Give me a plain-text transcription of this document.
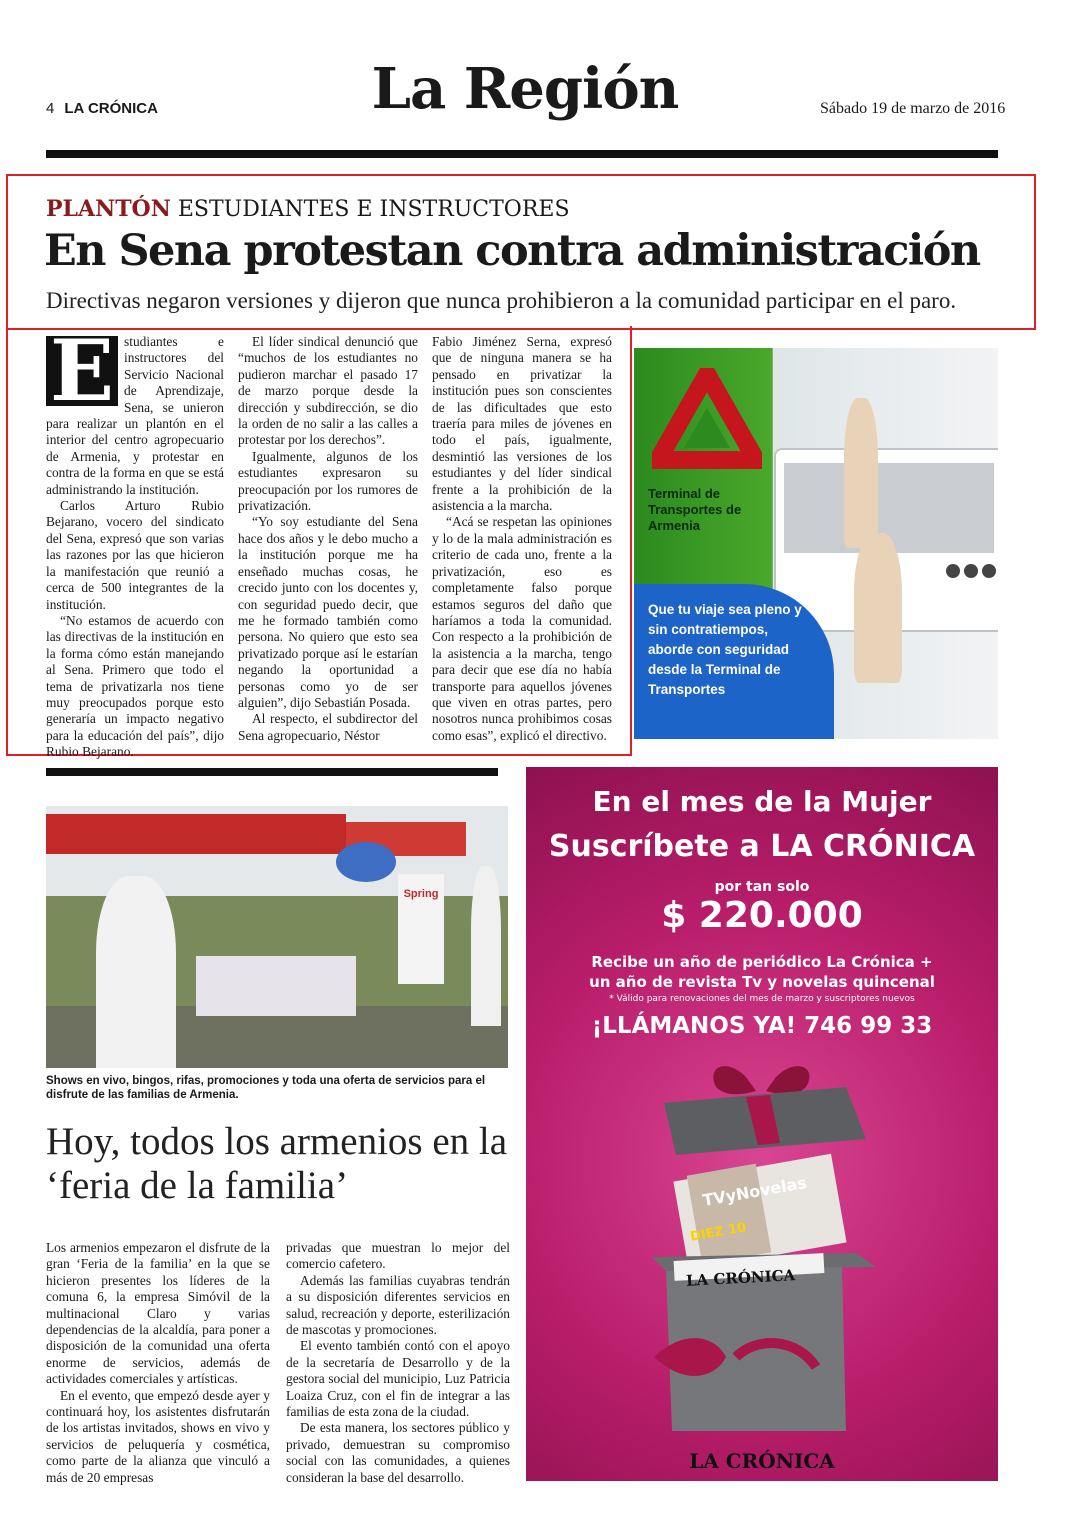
4 LA CRÓNICA	La Región	Sábado 19 de marzo de 2016
PLANTÓN ESTUDIANTES E INSTRUCTORES
En Sena protestan contra administración
Directivas negaron versiones y dijeron que nunca prohibieron a la comunidad participar en el paro.
E studiantes e instructores del Servicio Nacional de Aprendizaje, Sena, se unieron para realizar un plantón en el interior del centro agropecuario de Armenia, y protestar en contra de la forma en que se está administrando la institución.

Carlos Arturo Rubio Bejarano, vocero del sindicato del Sena, expresó que son varias las razones por las que hicieron la manifestación que reunió a cerca de 500 integrantes de la institución.

“No estamos de acuerdo con las directivas de la institución en la forma cómo están manejando al Sena. Primero que todo el tema de privatizarla nos tiene muy preocupados porque esto generaría un impacto negativo para la educación del país”, dijo Rubio Bejarano.

El líder sindical denunció que “muchos de los estudiantes no pudieron marchar el pasado 17 de marzo porque desde la dirección y subdirección, se dio la orden de no salir a las calles a protestar por los derechos”.

Igualmente, algunos de los estudiantes expresaron su preocupación por los rumores de privatización.

“Yo soy estudiante del Sena hace dos años y le debo mucho a la institución porque me ha enseñado muchas cosas, he crecido junto con los docentes y, con seguridad puedo decir, que me he formado también como persona. No quiero que esto sea privatizado porque así le estarían negando la oportunidad a personas como yo de ser alguien”, dijo Sebastián Posada.

Al respecto, el subdirector del Sena agropecuario, Néstor

Fabio Jiménez Serna, expresó que de ninguna manera se ha pensado en privatizar la institución pues son conscientes de las dificultades que esto traería para miles de jóvenes en todo el país, igualmente, desmintió las versiones de los estudiantes y del líder sindical frente a la prohibición de la asistencia a la marcha.

“Acá se respetan las opiniones y lo de la mala administración es criterio de cada uno, frente a la privatización, eso es completamente falso porque estamos seguros del daño que haríamos a toda la comunidad. Con respecto a la prohibición de la asistencia a la marcha, tengo para decir que ese día no había transporte para aquellos jóvenes que viven en otras partes, pero nosotros nunca prohibimos cosas como esas”, explicó el directivo.

Terminal de Transportes de Armenia
Que tu viaje sea pleno y sin contratiempos, aborde con seguridad desde la Terminal de Transportes
Spring
Shows en vivo, bingos, rifas, promociones y toda una oferta de servicios para el disfrute de las familias de Armenia.
Hoy, todos los armenios en la ‘feria de la familia’

Los armenios empezaron el disfrute de la gran ‘Feria de la familia’ en la que se hicieron presentes los líderes de la comuna 6, la empresa Simóvil de la multinacional Claro y varias dependencias de la alcaldía, para poner a disposición de la comunidad una oferta enorme de servicios, además de actividades comerciales y artísticas.

En el evento, que empezó desde ayer y continuará hoy, los asistentes disfrutarán de los artistas invitados, shows en vivo y servicios de peluquería y cosmética, como parte de la alianza que vinculó a más de 20 empresas

privadas que muestran lo mejor del comercio cafetero.

Además las familias cuyabras tendrán a su disposición diferentes servicios en salud, recreación y deporte, esterilización de mascotas y promociones.

El evento también contó con el apoyo de la secretaría de Desarrollo y de la gestora social del municipio, Luz Patricia Loaiza Cruz, con el fin de integrar a las familias de esta zona de la ciudad.

De esta manera, los sectores público y privado, demuestran su compromiso social con las comunidades, a quienes consideran la base del desarrollo.

En el mes de la Mujer
Suscríbete a LA CRÓNICA
por tan solo
$ 220.000
Recibe un año de periódico La Crónica +
un año de revista Tv y novelas quincenal
* Válido para renovaciones del mes de marzo y suscriptores nuevos
¡LLÁMANOS YA! 746 99 33
TVyNovelas
DIEZ 10
LA CRÓNICA
LA CRÓNICA
